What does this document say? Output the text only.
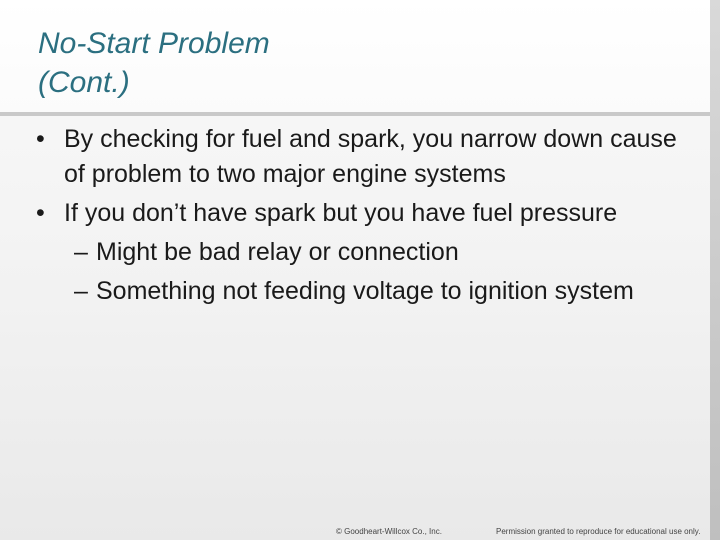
No-Start Problem
(Cont.)
• By checking for fuel and spark, you narrow down cause of problem to two major engine systems
• If you don’t have spark but you have fuel pressure
– Might be bad relay or connection
– Something not feeding voltage to ignition system
© Goodheart-Willcox Co., Inc.	Permission granted to reproduce for educational use only.
